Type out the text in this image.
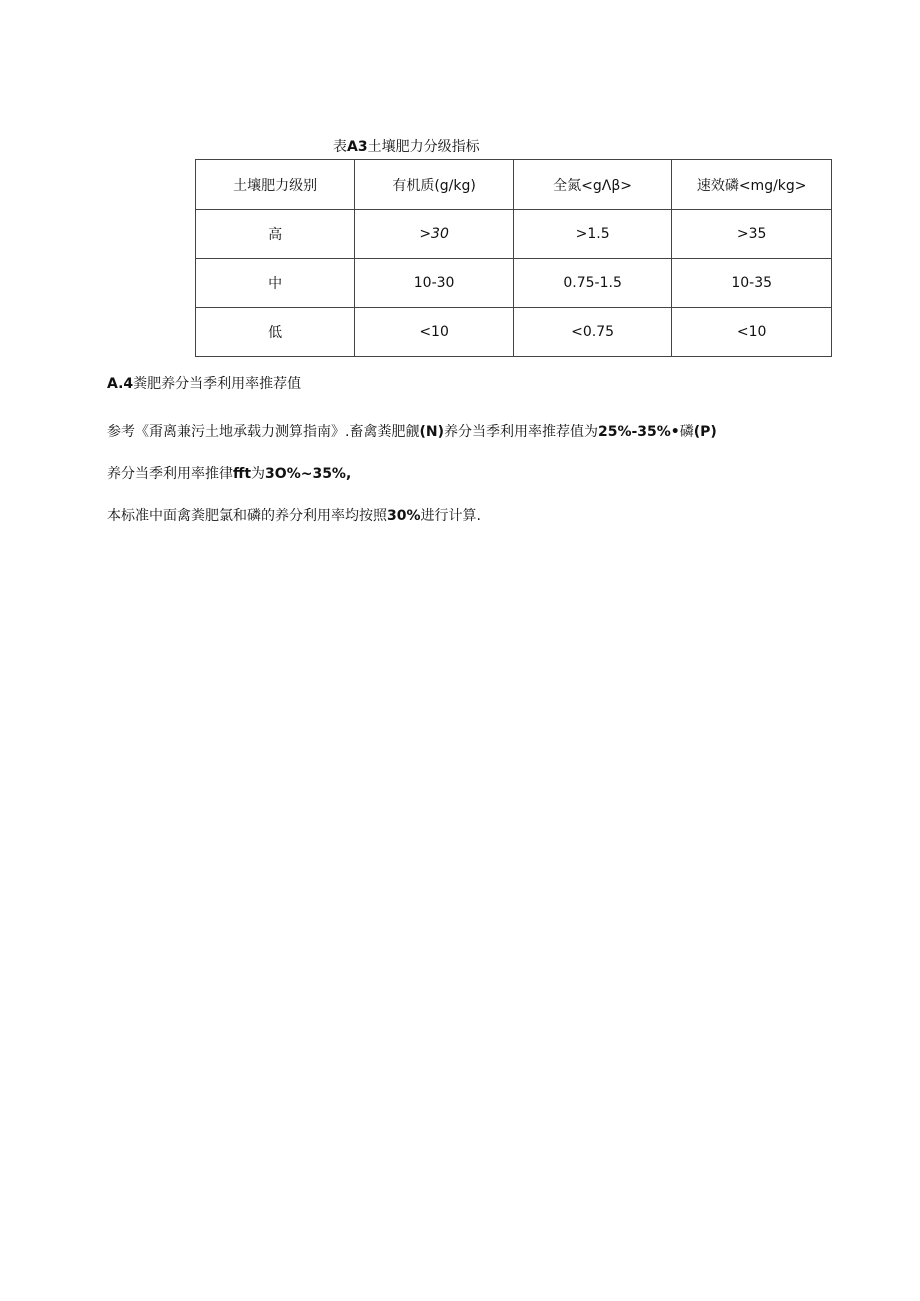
表A3土壤肥力分级指标
土壤肥力级别	有机质(g/kg)	全氮<gΛβ>	速效磷<mg/kg>
高	>30	>1.5	>35
中	10-30	0.75-1.5	10-35
低	<10	<0.75	<10
A.4粪肥养分当季利用率推荐值
参考《甭离兼污土地承载力测算指南》.畜禽粪肥觎(N)养分当季利用率推荐值为25%-35%•磷(P)
养分当季利用率推律fft为3O%~35%,
本标准中面禽粪肥氯和磷的养分利用率均按照30%进行计算.
